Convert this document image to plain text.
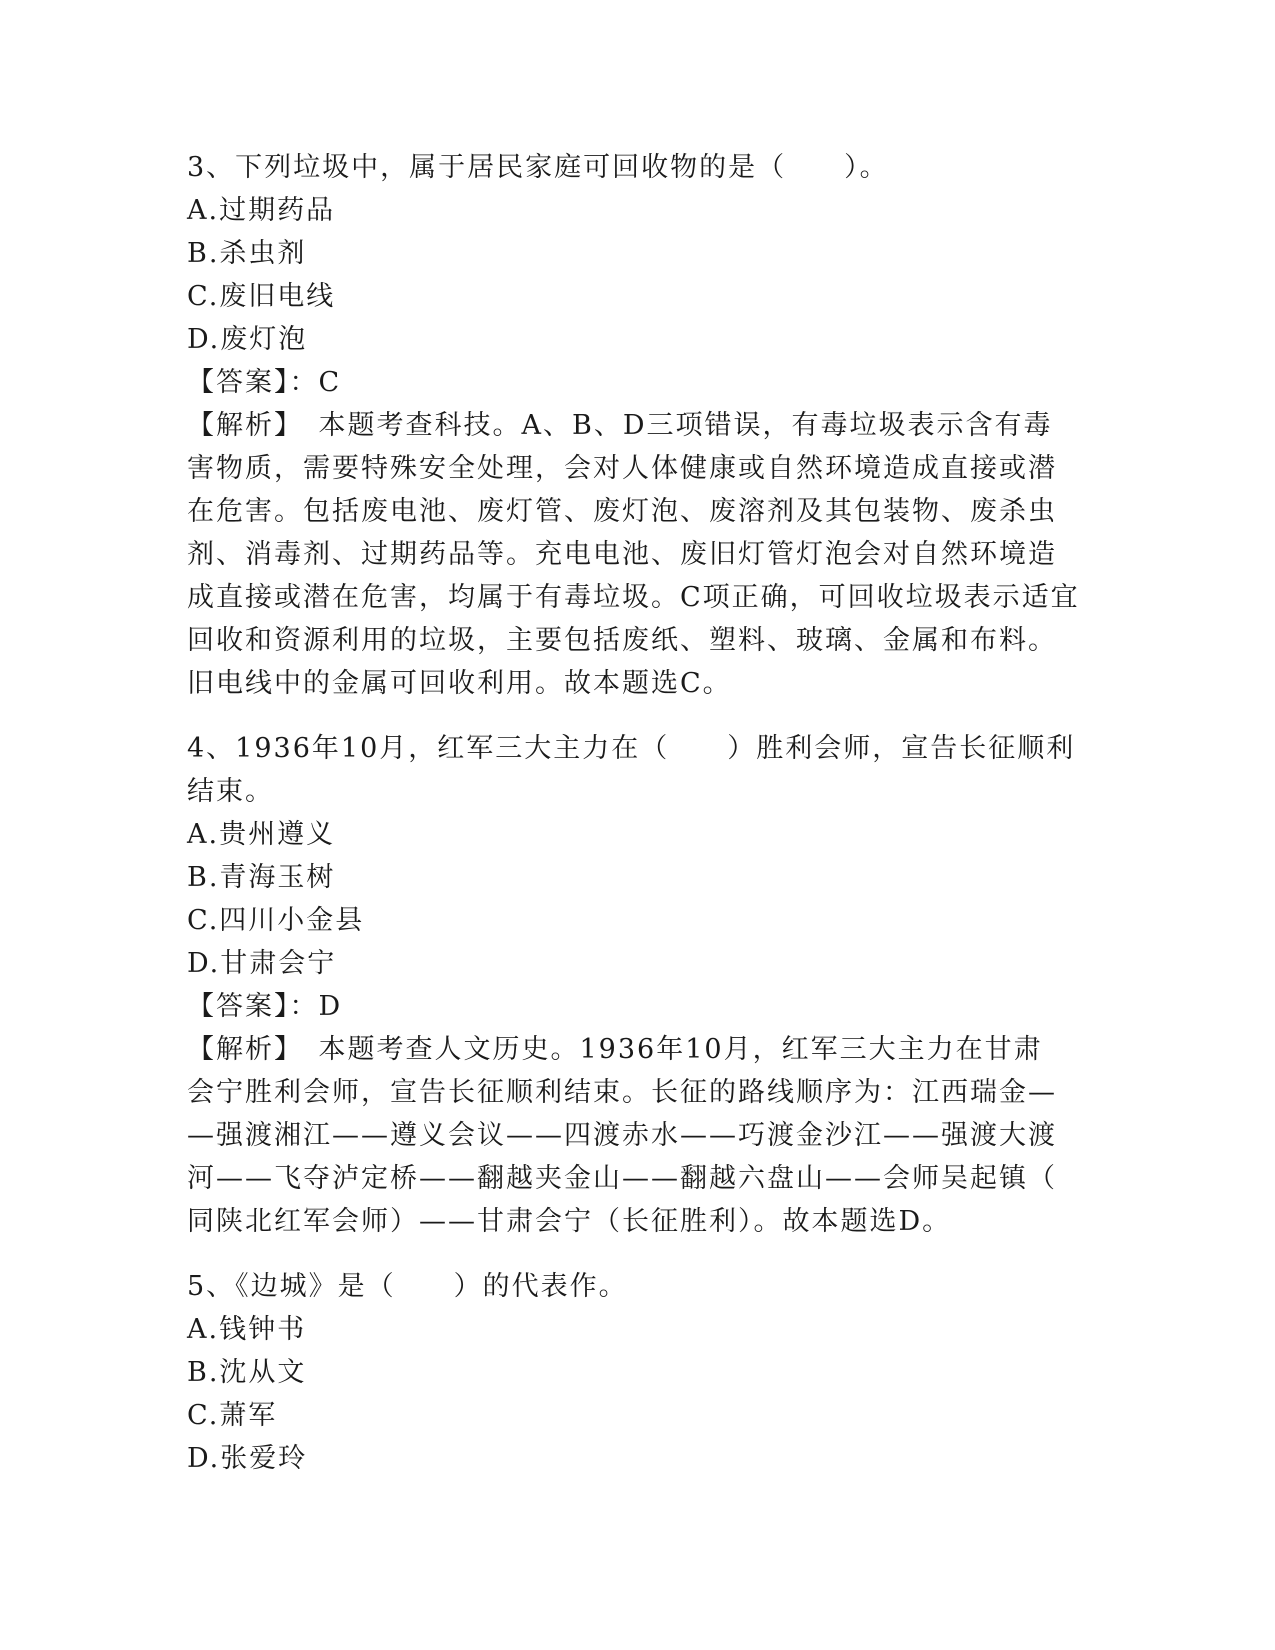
3、下列垃圾中，属于居民家庭可回收物的是（　　）。
A.过期药品
B.杀虫剂
C.废旧电线
D.废灯泡
【答案】：C
【解析】　本题考查科技。A、B、D三项错误，有毒垃圾表示含有毒
害物质，需要特殊安全处理，会对人体健康或自然环境造成直接或潜
在危害。包括废电池、废灯管、废灯泡、废溶剂及其包装物、废杀虫
剂、消毒剂、过期药品等。充电电池、废旧灯管灯泡会对自然环境造
成直接或潜在危害，均属于有毒垃圾。C项正确，可回收垃圾表示适宜
回收和资源利用的垃圾，主要包括废纸、塑料、玻璃、金属和布料。
旧电线中的金属可回收利用。故本题选C。
4、1936年10月，红军三大主力在（　　）胜利会师，宣告长征顺利
结束。
A.贵州遵义
B.青海玉树
C.四川小金县
D.甘肃会宁
【答案】：D
【解析】　本题考查人文历史。1936年10月，红军三大主力在甘肃
会宁胜利会师，宣告长征顺利结束。长征的路线顺序为：江西瑞金—
—强渡湘江——遵义会议——四渡赤水——巧渡金沙江——强渡大渡
河——飞夺泸定桥——翻越夹金山——翻越六盘山——会师吴起镇（
同陕北红军会师）——甘肃会宁（长征胜利）。故本题选D。
5、《边城》是（　　）的代表作。
A.钱钟书
B.沈从文
C.萧军
D.张爱玲
